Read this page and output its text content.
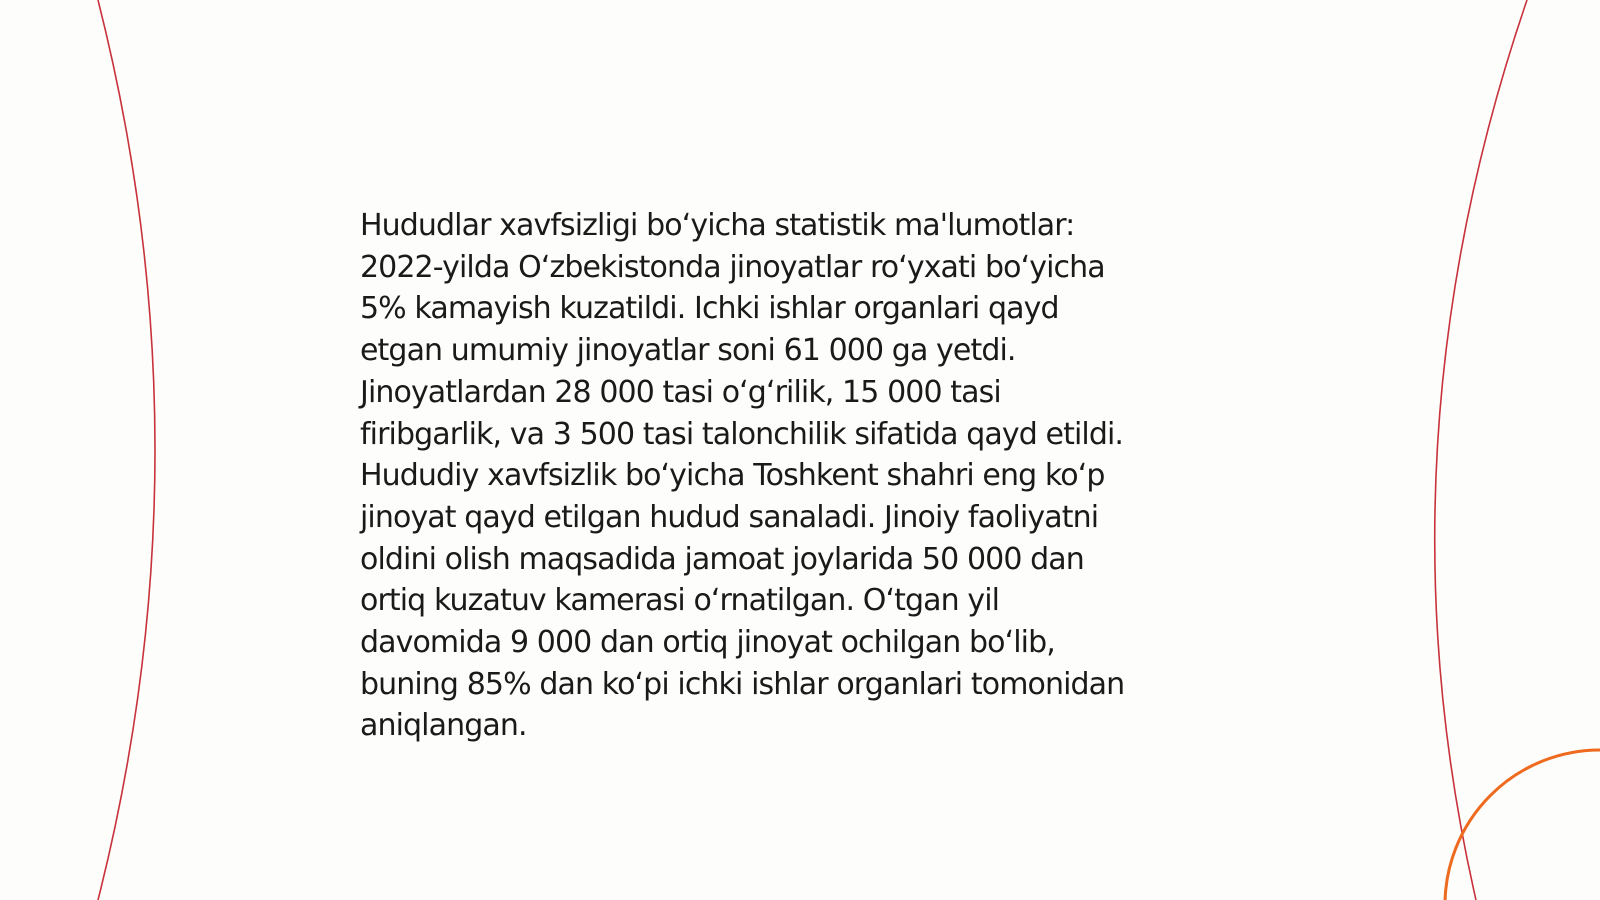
Hududlar xavfsizligi bo‘yicha statistik ma'lumotlar:
2022-yilda O‘zbekistonda jinoyatlar ro‘yxati bo‘yicha
5% kamayish kuzatildi. Ichki ishlar organlari qayd
etgan umumiy jinoyatlar soni 61 000 ga yetdi.
Jinoyatlardan 28 000 tasi o‘g‘rilik, 15 000 tasi
firibgarlik, va 3 500 tasi talonchilik sifatida qayd etildi.
Hududiy xavfsizlik bo‘yicha Toshkent shahri eng ko‘p
jinoyat qayd etilgan hudud sanaladi. Jinoiy faoliyatni
oldini olish maqsadida jamoat joylarida 50 000 dan
ortiq kuzatuv kamerasi o‘rnatilgan. O‘tgan yil
davomida 9 000 dan ortiq jinoyat ochilgan bo‘lib,
buning 85% dan ko‘pi ichki ishlar organlari tomonidan
aniqlangan.
